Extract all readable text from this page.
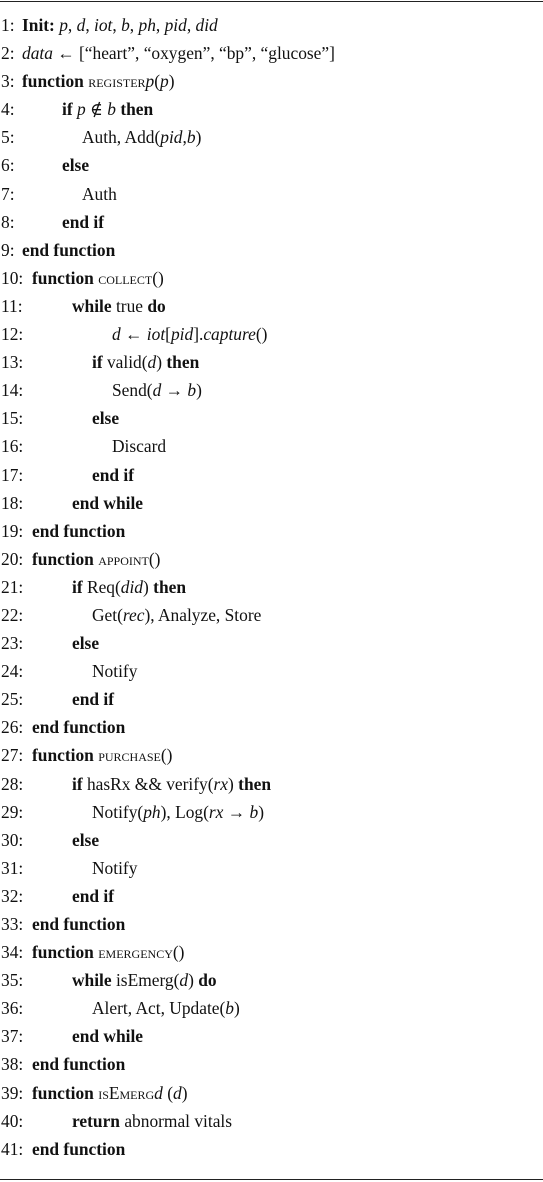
1: Init: p, d, iot, b, ph, pid, did
2: data ← [“heart”, “oxygen”, “bp”, “glucose”]
3: function registerp(p)
4:	if p ∉ b then
5:	Auth, Add(pid,b)
6:	else
7:	Auth
8:	end if
9: end function
10: function collect()
11:	while true do
12:	d ← iot[pid].capture()
13:	if valid(d) then
14:	Send(d → b)
15:	else
16:	Discard
17:	end if
18:	end while
19: end function
20: function appoint()
21:	if Req(did) then
22:	Get(rec), Analyze, Store
23:	else
24:	Notify
25:	end if
26: end function
27: function purchase()
28:	if hasRx && verify(rx) then
29:	Notify(ph), Log(rx → b)
30:	else
31:	Notify
32:	end if
33: end function
34: function emergency()
35:	while isEmerg(d) do
36:	Alert, Act, Update(b)
37:	end while
38: end function
39: function isEmergd (d)
40:	return abnormal vitals
41: end function
